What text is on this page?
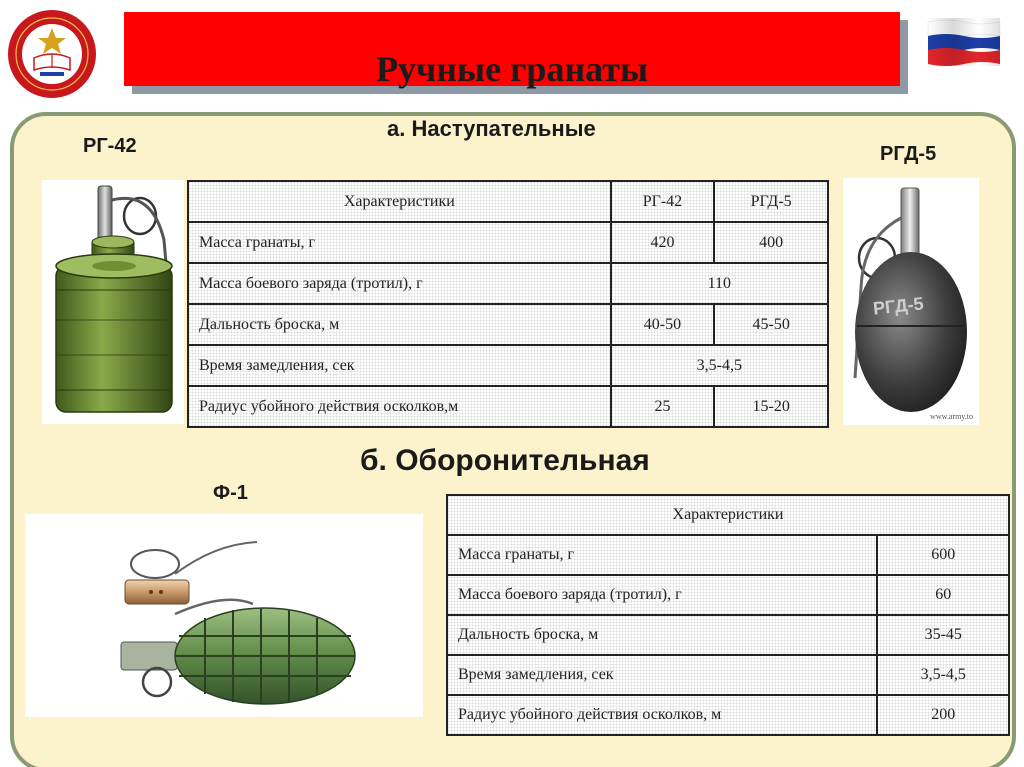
Ручные гранаты
РГ-42	РГД-5
а. Наступательные
б. Оборонительная
Ф-1
РГД-5
www.army.to
Характеристики	РГ-42	РГД-5
Масса гранаты, г	420	400
Масса боевого заряда (тротил), г	110	
Дальность броска, м	40-50	45-50
Время замедления, сек	3,5-4,5	
Радиус убойного действия осколков,м	25	15-20
Характеристики	
Масса гранаты, г	600
Масса боевого заряда (тротил), г	60
Дальность броска, м	35-45
Время замедления, сек	3,5-4,5
Радиус убойного действия осколков, м	200
